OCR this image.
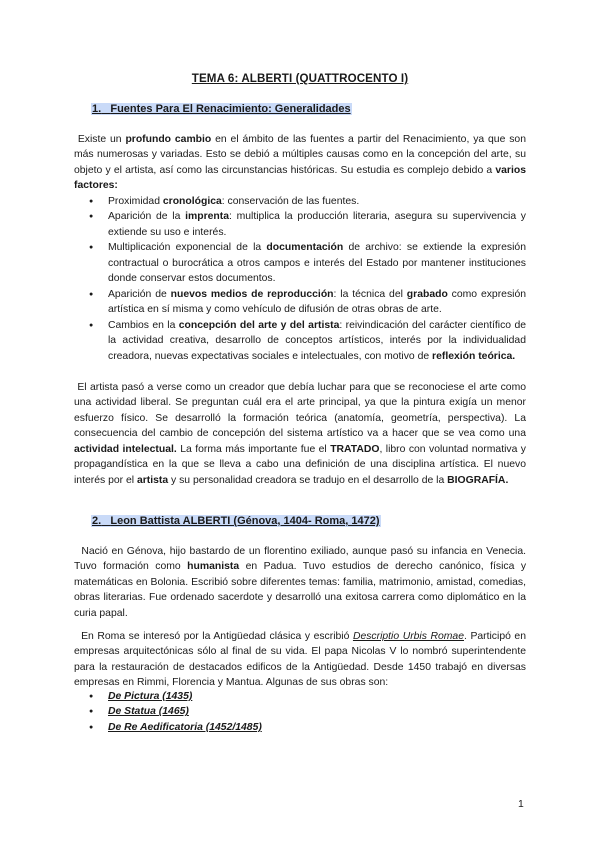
TEMA 6: ALBERTI (QUATTROCENTO I)
1. Fuentes Para El Renacimiento: Generalidades

Existe un profundo cambio en el ámbito de las fuentes a partir del Renacimiento, ya que son más numerosas y variadas. Esto se debió a múltiples causas como en la concepción del arte, su objeto y el artista, así como las circunstancias históricas. Su estudia es complejo debido a varios factores:

● Proximidad cronológica: conservación de las fuentes.
● Aparición de la imprenta: multiplica la producción literaria, asegura su supervivencia y extiende su uso e interés.
● Multiplicación exponencial de la documentación de archivo: se extiende la expresión contractual o burocrática a otros campos e interés del Estado por mantener instituciones donde conservar estos documentos.
● Aparición de nuevos medios de reproducción: la técnica del grabado como expresión artística en sí misma y como vehículo de difusión de otras obras de arte.
● Cambios en la concepción del arte y del artista: reivindicación del carácter científico de la actividad creativa, desarrollo de conceptos artísticos, interés por la individualidad creadora, nuevas expectativas sociales e intelectuales, con motivo de reflexión teórica.

El artista pasó a verse como un creador que debía luchar para que se reconociese el arte como una actividad liberal. Se preguntan cuál era el arte principal, ya que la pintura exigía un menor esfuerzo físico. Se desarrolló la formación teórica (anatomía, geometría, perspectiva). La consecuencia del cambio de concepción del sistema artístico va a hacer que se vea como una actividad intelectual. La forma más importante fue el TRATADO, libro con voluntad normativa y propagandística en la que se lleva a cabo una definición de una disciplina artística. El nuevo interés por el artista y su personalidad creadora se tradujo en el desarrollo de la BIOGRAFÍA.

2. Leon Battista ALBERTI (Génova, 1404- Roma, 1472)

Nació en Génova, hijo bastardo de un florentino exiliado, aunque pasó su infancia en Venecia. Tuvo formación como humanista en Padua. Tuvo estudios de derecho canónico, física y matemáticas en Bolonia. Escribió sobre diferentes temas: familia, matrimonio, amistad, comedias, obras literarias. Fue ordenado sacerdote y desarrolló una exitosa carrera como diplomático en la curia papal.

En Roma se interesó por la Antigüedad clásica y escribió Descriptio Urbis Romae. Participó en empresas arquitectónicas sólo al final de su vida. El papa Nicolas V lo nombró superintendente para la restauración de destacados edificos de la Antigüedad. Desde 1450 trabajó en diversas empresas en Rimmi, Florencia y Mantua. Algunas de sus obras son:

● De Pictura (1435)
● De Statua (1465)
● De Re Aedificatoria (1452/1485)
1
